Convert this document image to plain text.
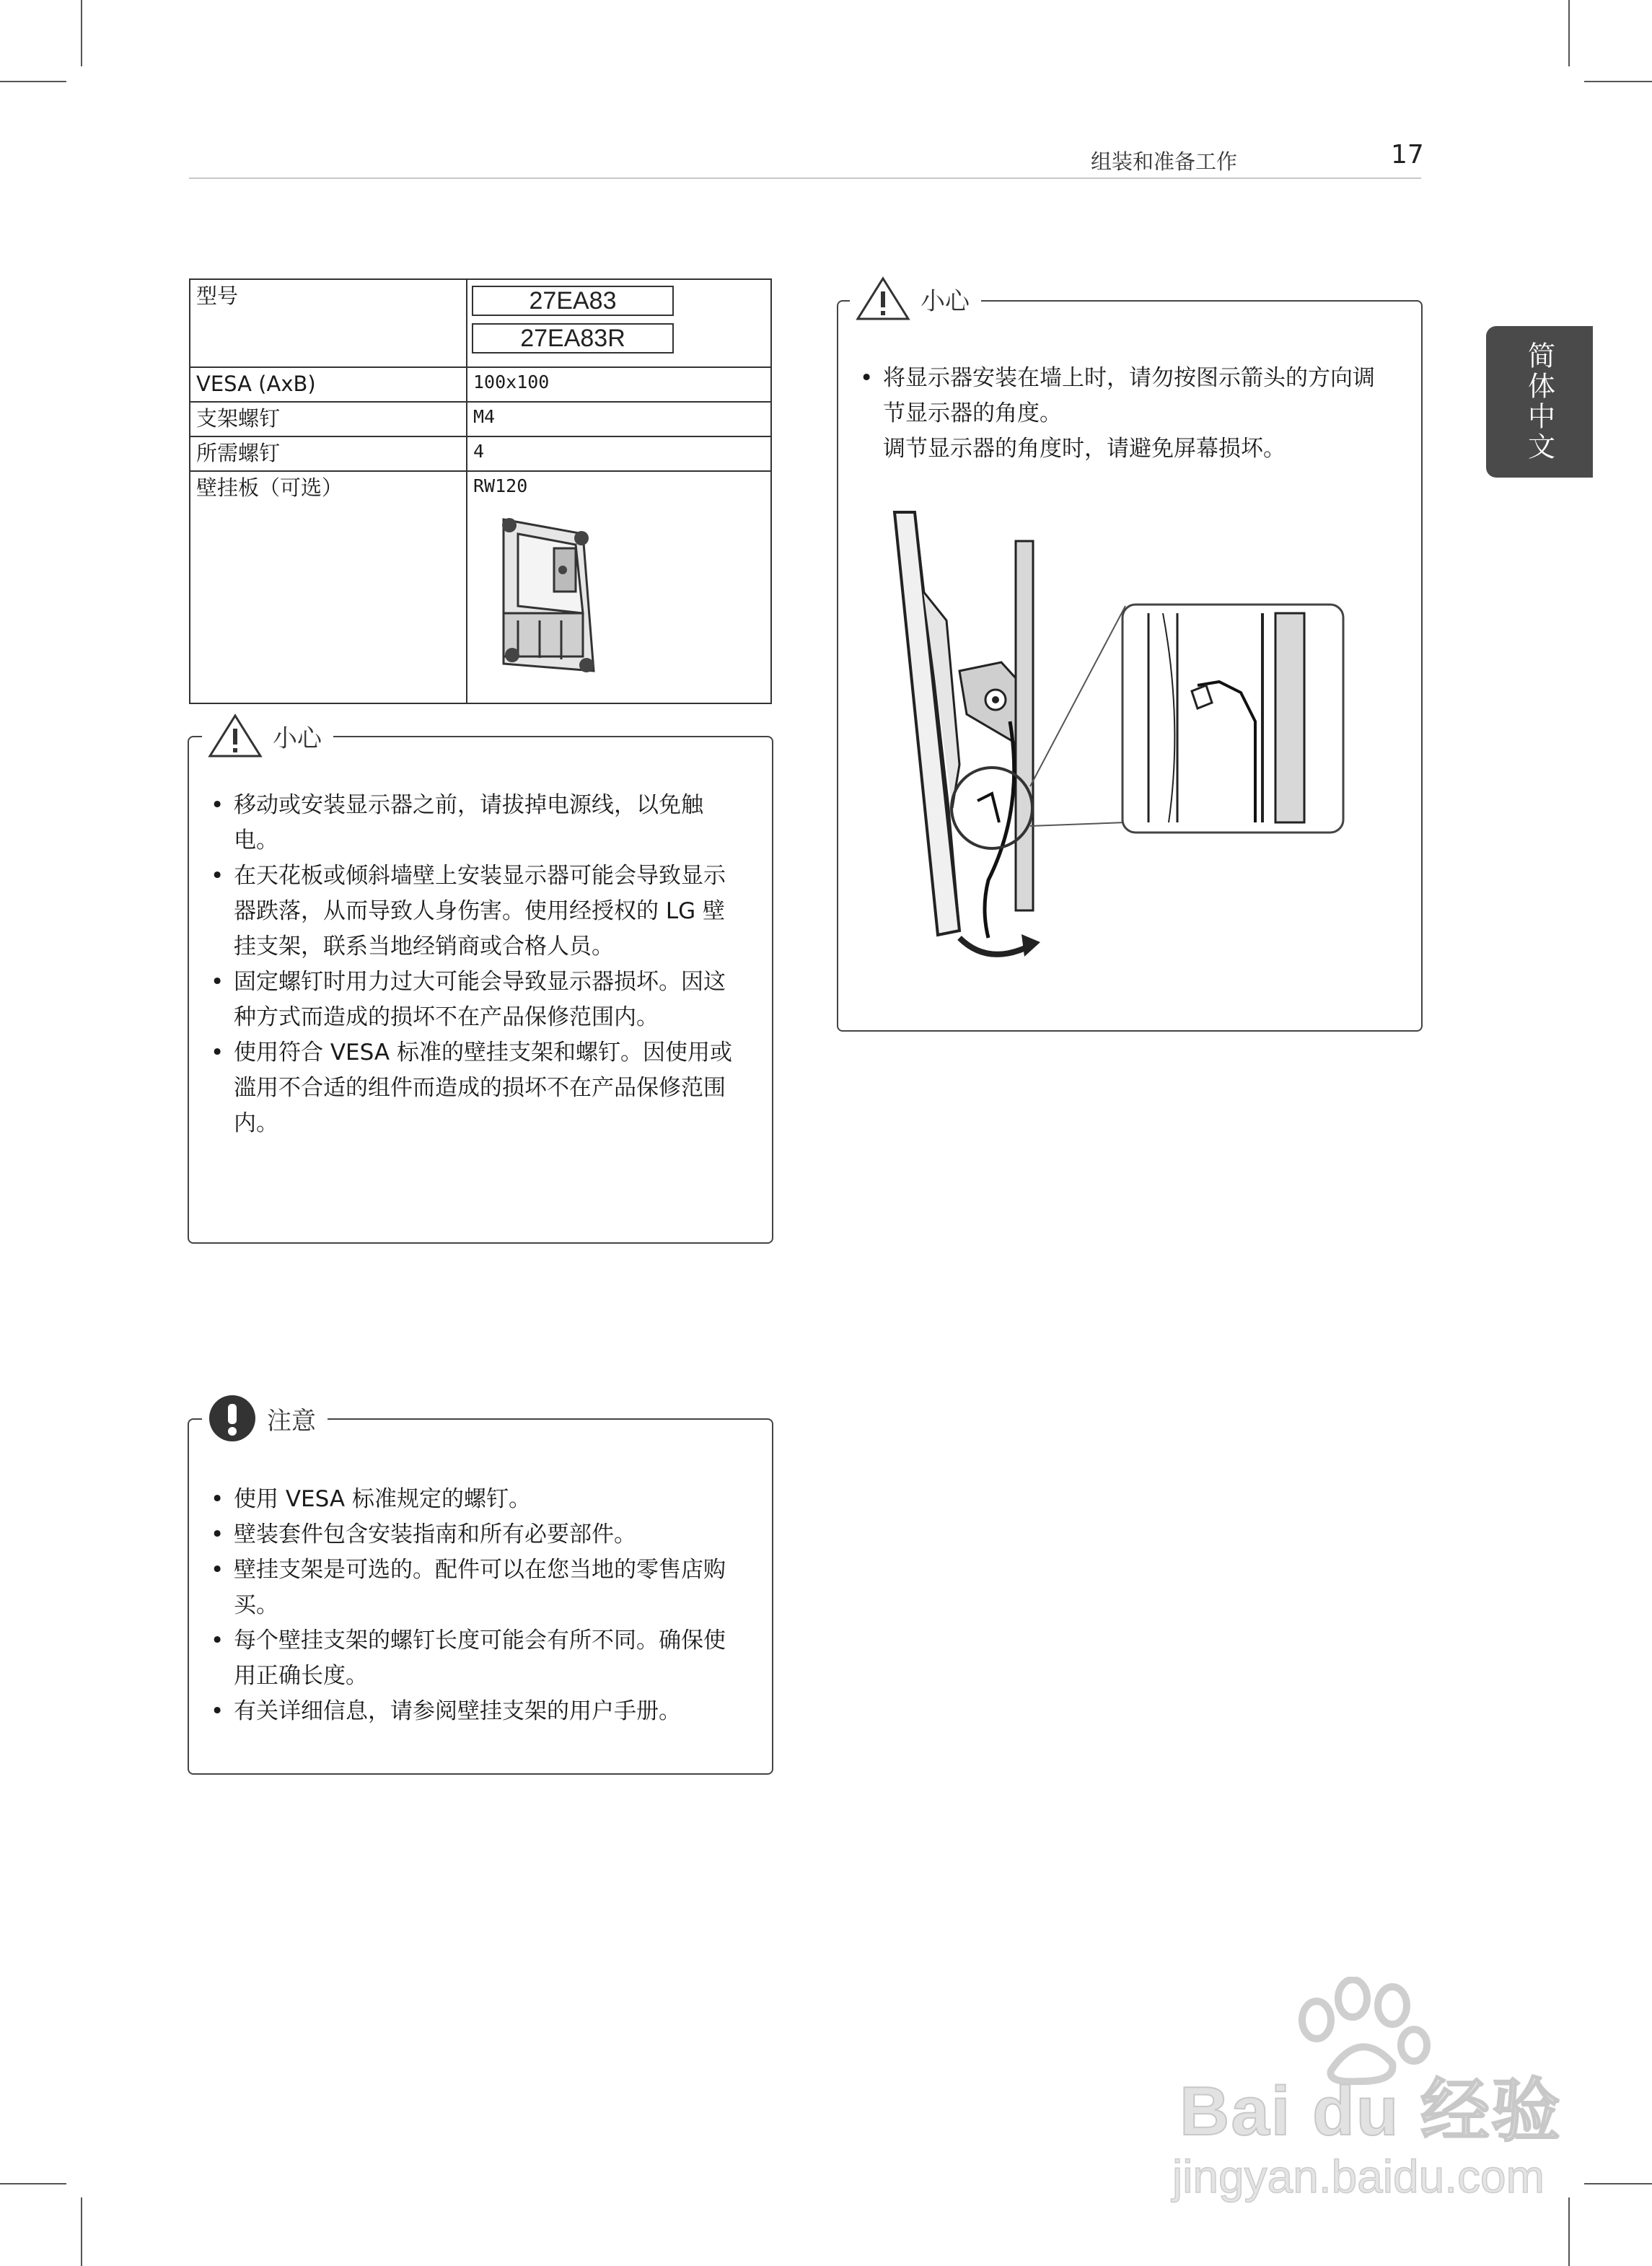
组装和准备工作	17
简体中文
型号	27EA83
27EA83R

VESA (AxB)	100x100
支架螺钉	M4
所需螺钉	4
壁挂板（可选）	RW120
小心
• 移动或安装显示器之前，请拔掉电源线，以免触电。
• 在天花板或倾斜墙壁上安装显示器可能会导致显示器跌落，从而导致人身伤害。使用经授权的 LG 壁挂支架，联系当地经销商或合格人员。
• 固定螺钉时用力过大可能会导致显示器损坏。因这种方式而造成的损坏不在产品保修范围内。
• 使用符合 VESA 标准的壁挂支架和螺钉。因使用或滥用不合适的组件而造成的损坏不在产品保修范围内。
小心
• 将显示器安装在墙上时，请勿按图示箭头的方向调节显示器的角度。
调节显示器的角度时，请避免屏幕损坏。
注意
• 使用 VESA 标准规定的螺钉。
• 壁装套件包含安装指南和所有必要部件。
• 壁挂支架是可选的。配件可以在您当地的零售店购买。
• 每个壁挂支架的螺钉长度可能会有所不同。确保使用正确长度。
• 有关详细信息，请参阅壁挂支架的用户手册。
Bai du 经验
jingyan.baidu.com
